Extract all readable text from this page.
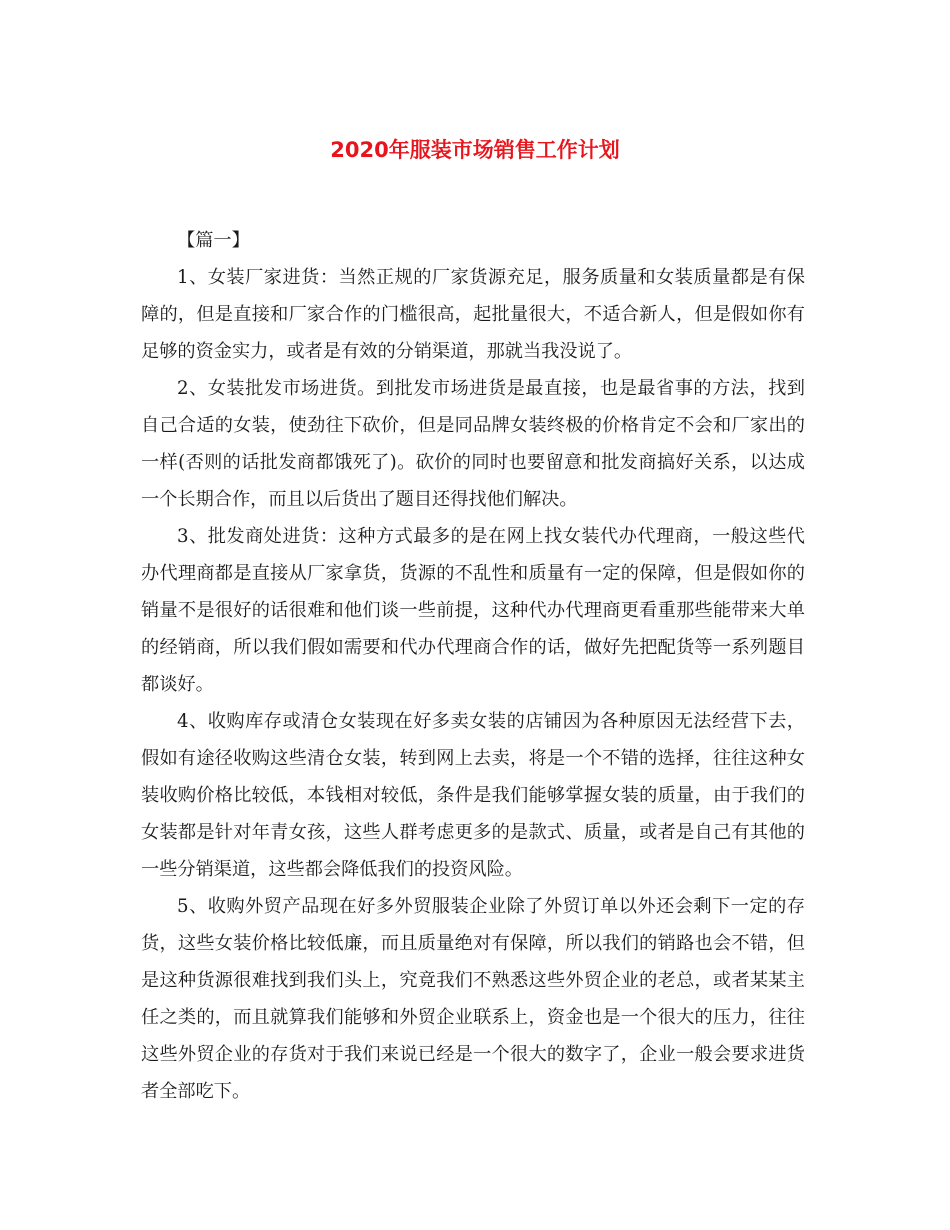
2020年服装市场销售工作计划

【篇一】

1、女装厂家进货：当然正规的厂家货源充足，服务质量和女装质量都是有保障的，但是直接和厂家合作的门槛很高，起批量很大，不适合新人，但是假如你有足够的资金实力，或者是有效的分销渠道，那就当我没说了。

2、女装批发市场进货。到批发市场进货是最直接，也是最省事的方法，找到自己合适的女装，使劲往下砍价，但是同品牌女装终极的价格肯定不会和厂家出的一样(否则的话批发商都饿死了)。砍价的同时也要留意和批发商搞好关系，以达成一个长期合作，而且以后货出了题目还得找他们解决。

3、批发商处进货：这种方式最多的是在网上找女装代办代理商，一般这些代办代理商都是直接从厂家拿货，货源的不乱性和质量有一定的保障，但是假如你的销量不是很好的话很难和他们谈一些前提，这种代办代理商更看重那些能带来大单的经销商，所以我们假如需要和代办代理商合作的话，做好先把配货等一系列题目都谈好。

4、收购库存或清仓女装现在好多卖女装的店铺因为各种原因无法经营下去，假如有途径收购这些清仓女装，转到网上去卖，将是一个不错的选择，往往这种女装收购价格比较低，本钱相对较低，条件是我们能够掌握女装的质量，由于我们的女装都是针对年青女孩，这些人群考虑更多的是款式、质量，或者是自己有其他的一些分销渠道，这些都会降低我们的投资风险。

5、收购外贸产品现在好多外贸服装企业除了外贸订单以外还会剩下一定的存货，这些女装价格比较低廉，而且质量绝对有保障，所以我们的销路也会不错，但是这种货源很难找到我们头上，究竟我们不熟悉这些外贸企业的老总，或者某某主任之类的，而且就算我们能够和外贸企业联系上，资金也是一个很大的压力，往往这些外贸企业的存货对于我们来说已经是一个很大的数字了，企业一般会要求进货者全部吃下。
